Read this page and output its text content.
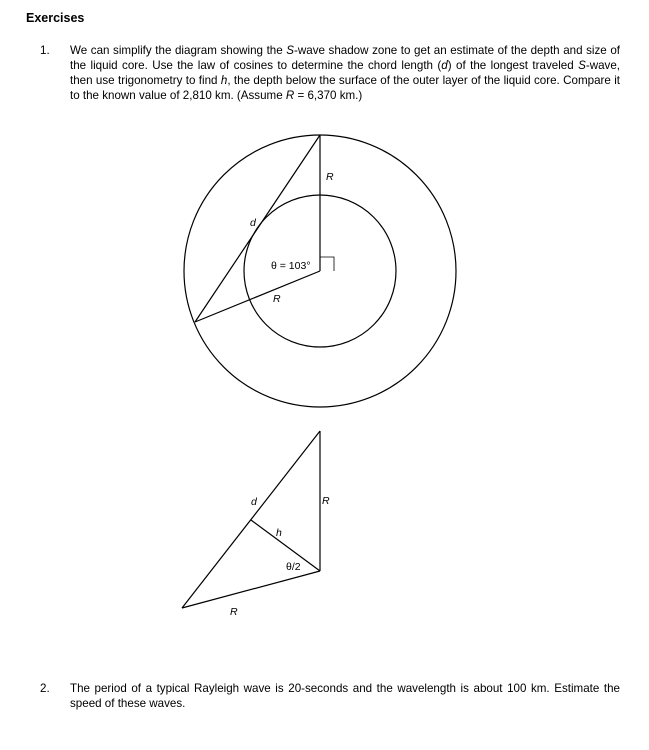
Exercises
1.	We can simplify the diagram showing the S-wave shadow zone to get an estimate of the depth and size of the liquid core. Use the law of cosines to determine the chord length (d) of the longest traveled S-wave, then use trigonometry to find h, the depth below the surface of the outer layer of the liquid core. Compare it to the known value of 2,810 km. (Assume R = 6,370 km.)
R
d
θ = 103°
R
d	R
h
θ/2
R
2.	The period of a typical Rayleigh wave is 20-seconds and the wavelength is about 100 km. Estimate the speed of these waves.
